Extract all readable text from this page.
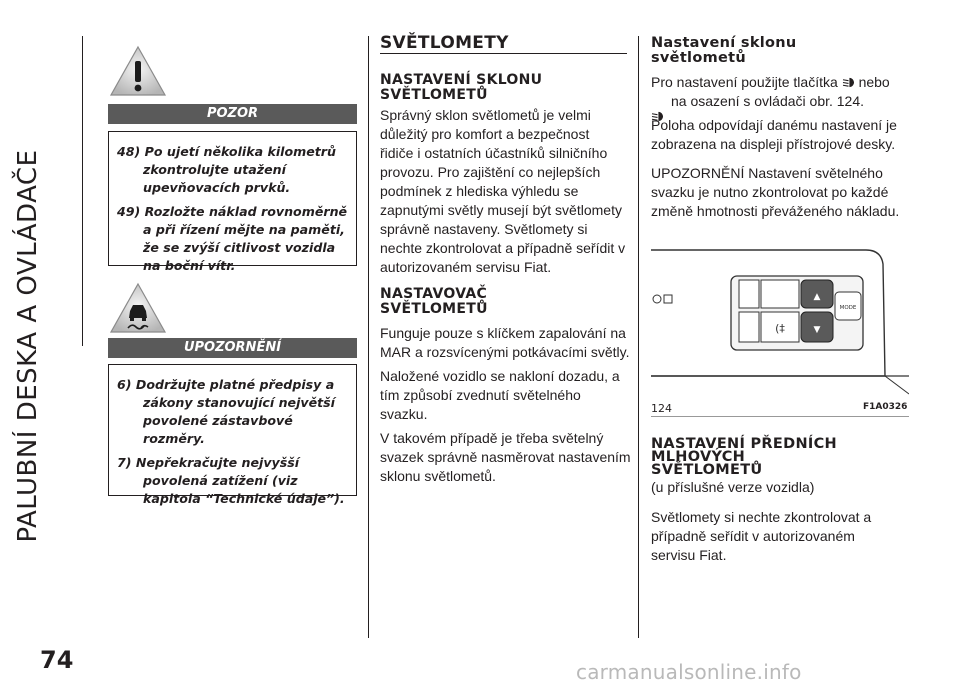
PALUBNÍ DESKA A OVLÁDAČE
74
POZOR

48) Po ujetí několika kilometrů zkontrolujte utažení upevňovacích prvků.

49) Rozložte náklad rovnoměrně a při řízení mějte na paměti, že se zvýší citlivost vozidla na boční vítr.

UPOZORNĚNÍ

6) Dodržujte platné předpisy a zákony stanovující největší povolené zástavbové rozměry.

7) Nepřekračujte nejvyšší povolená zatížení (viz kapitola “Technické údaje”).

SVĚTLOMETY
NASTAVENÍ SKLONU
SVĚTLOMETŮ
Správný sklon světlometů je velmi
důležitý pro komfort a bezpečnost
řidiče i ostatních účastníků silničního
provozu. Pro zajištění co nejlepších
podmínek z hlediska výhledu se
zapnutými světly musejí být světlomety
správně nastaveny. Světlomety si
nechte zkontrolovat a případně seřídit v
autorizovaném servisu Fiat.
NASTAVOVAČ
SVĚTLOMETŮ
Funguje pouze s klíčkem zapalování na
MAR a rozsvícenými potkávacími světly.
Naložené vozidlo se nakloní dozadu, a
tím způsobí zvednutí světelného
svazku.
V takovém případě je třeba světelný
svazek správně nasměrovat nastavením
sklonu světlometů.
Nastavení sklonu
světlometů
Pro nastavení použijte tlačítka nebo
na osazení s ovládači obr. 124.
Poloha odpovídají danému nastavení je
zobrazena na displeji přístrojové desky.
UPOZORNĚNÍ Nastavení světelného
svazku je nutno zkontrolovat po každé
změně hmotnosti převáženého nákladu.
(‡
▲
▼
MODE
124	F1A0326
NASTAVENÍ PŘEDNÍCH
MLHOVÝCH
SVĚTLOMETŮ
(u příslušné verze vozidla)
Světlomety si nechte zkontrolovat a
případně seřídit v autorizovaném
servisu Fiat.
carmanualsonline.info
